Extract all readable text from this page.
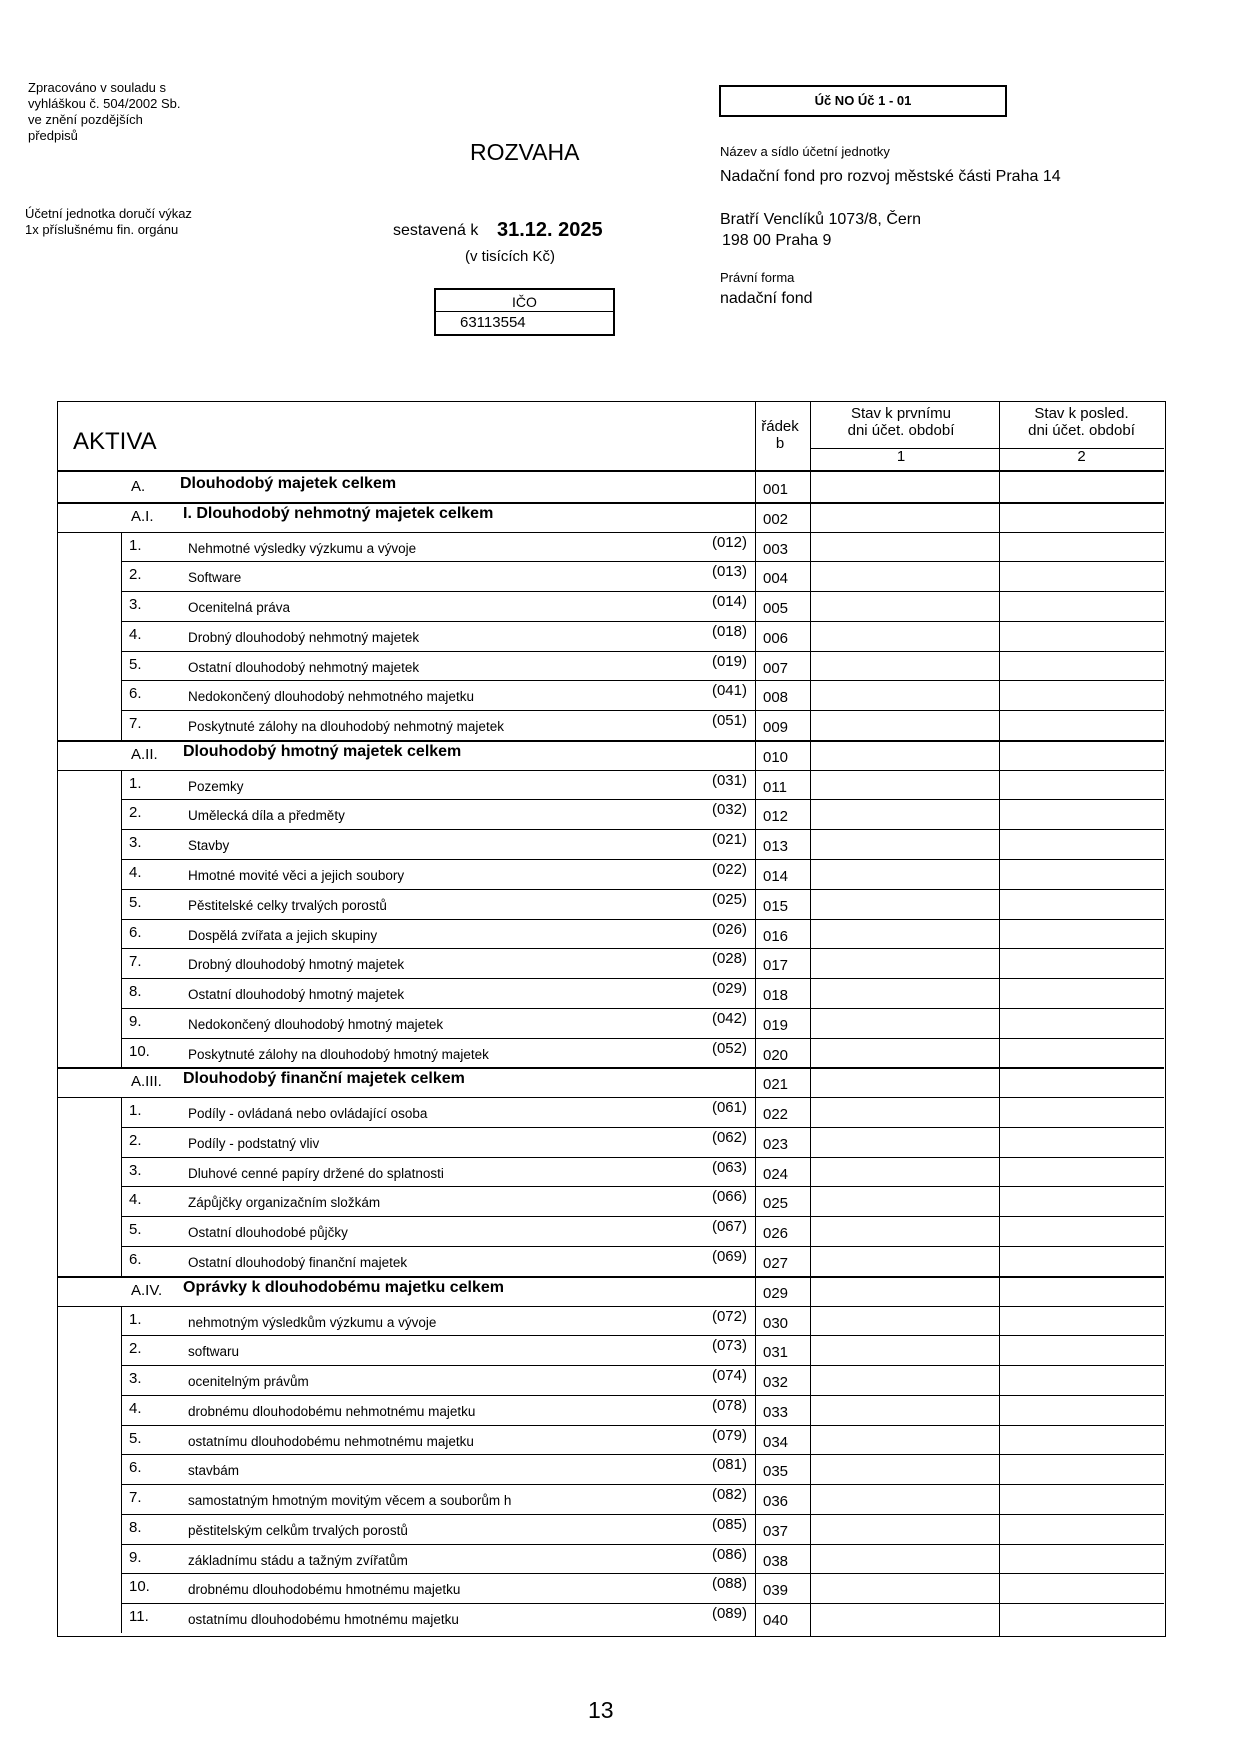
Zpracováno v souladu s
vyhláškou č. 504/2002 Sb.
ve znění pozdějších
předpisů
Účetní jednotka doručí výkaz
1x příslušnému fin. orgánu
ROZVAHA
sestavená k 31.12. 2025
(v tisících Kč)
IČO
63113554
Úč NO Úč 1 - 01
Název a sídlo účetní jednotky
Nadační fond pro rozvoj městské části Praha 14
Bratří Venclíků 1073/8, Čern
198 00 Praha 9
Právní forma
nadační fond
AKTIVA
řádek
b
Stav k prvnímu
dni účet. období
Stav k posled.
dni účet. období
1	2
A. Dlouhodobý majetek celkem	001
A.I. I. Dlouhodobý nehmotný majetek celkem	002
1.	Nehmotné výsledky výzkumu a vývoje	(012) 003
2.	Software	(013) 004
3.	Ocenitelná práva	(014) 005
4.	Drobný dlouhodobý nehmotný majetek	(018) 006
5.	Ostatní dlouhodobý nehmotný majetek	(019) 007
6.	Nedokončený dlouhodobý nehmotného majetku	(041) 008
7.	Poskytnuté zálohy na dlouhodobý nehmotný majetek	(051) 009
A.II. Dlouhodobý hmotný majetek celkem	010
1.	Pozemky	(031) 011
2.	Umělecká díla a předměty	(032) 012
3.	Stavby	(021) 013
4.	Hmotné movité věci a jejich soubory	(022) 014
5.	Pěstitelské celky trvalých porostů	(025) 015
6.	Dospělá zvířata a jejich skupiny	(026) 016
7.	Drobný dlouhodobý hmotný majetek	(028) 017
8.	Ostatní dlouhodobý hmotný majetek	(029) 018
9.	Nedokončený dlouhodobý hmotný majetek	(042) 019
10.	Poskytnuté zálohy na dlouhodobý hmotný majetek	(052) 020
A.III. Dlouhodobý finanční majetek celkem	021
1.	Podíly - ovládaná nebo ovládající osoba	(061) 022
2.	Podíly - podstatný vliv	(062) 023
3.	Dluhové cenné papíry držené do splatnosti	(063) 024
4.	Zápůjčky organizačním složkám	(066) 025
5.	Ostatní dlouhodobé půjčky	(067) 026
6.	Ostatní dlouhodobý finanční majetek	(069) 027
A.IV. Oprávky k dlouhodobému majetku celkem	029
1.	nehmotným výsledkům výzkumu a vývoje	(072) 030
2.	softwaru	(073) 031
3.	ocenitelným právům	(074) 032
4.	drobnému dlouhodobému nehmotnému majetku	(078) 033
5.	ostatnímu dlouhodobému nehmotnému majetku	(079) 034
6.	stavbám	(081) 035
7.	samostatným hmotným movitým věcem a souborům h	(082) 036
8.	pěstitelským celkům trvalých porostů	(085) 037
9.	základnímu stádu a tažným zvířatům	(086) 038
10.	drobnému dlouhodobému hmotnému majetku	(088) 039
11.	ostatnímu dlouhodobému hmotnému majetku	(089) 040
13
